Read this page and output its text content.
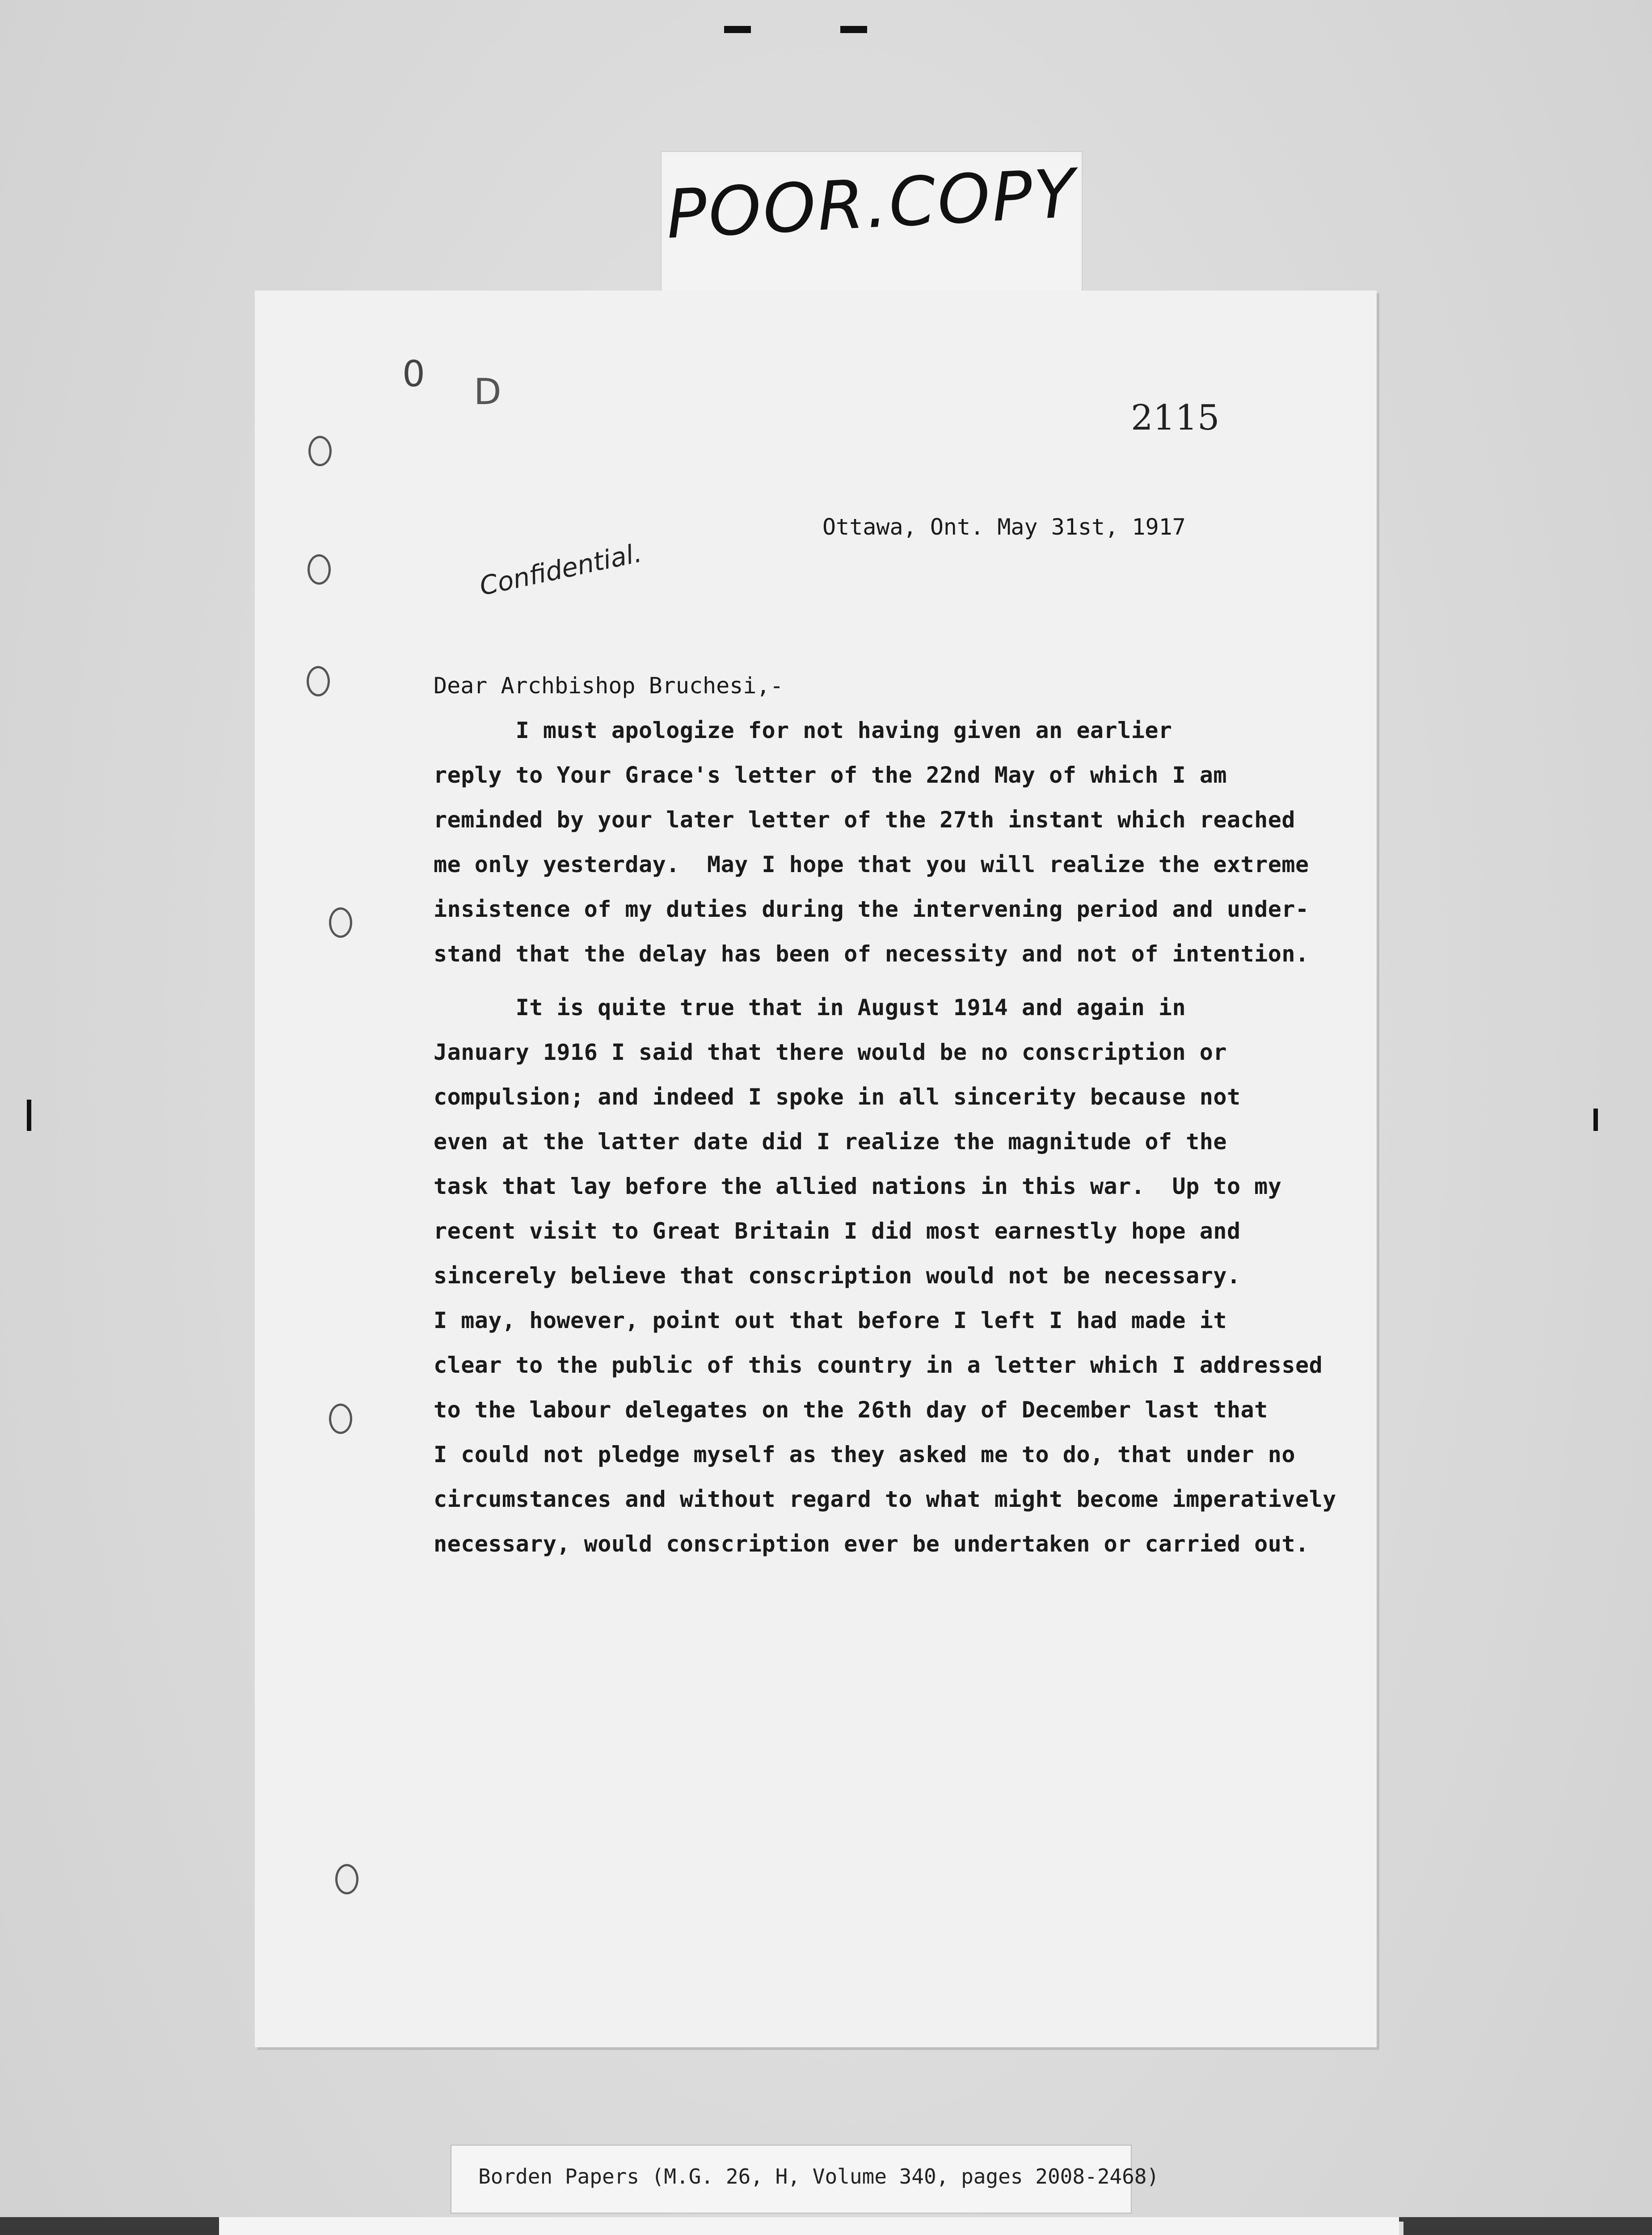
POOR.COPY
0 D
2115
Ottawa, Ont. May 31st, 1917
Confidential.
Dear Archbishop Bruchesi,-
I must apologize for not having given an earlier
reply to Your Grace's letter of the 22nd May of which I am
reminded by your later letter of the 27th instant which reached
me only yesterday.  May I hope that you will realize the extreme
insistence of my duties during the intervening period and under-
stand that the delay has been of necessity and not of intention.
It is quite true that in August 1914 and again in
January 1916 I said that there would be no conscription or
compulsion; and indeed I spoke in all sincerity because not
even at the latter date did I realize the magnitude of the
task that lay before the allied nations in this war.  Up to my
recent visit to Great Britain I did most earnestly hope and
sincerely believe that conscription would not be necessary.
I may, however, point out that before I left I had made it
clear to the public of this country in a letter which I addressed
to the labour delegates on the 26th day of December last that
I could not pledge myself as they asked me to do, that under no
circumstances and without regard to what might become imperatively
necessary, would conscription ever be undertaken or carried out.
Borden Papers (M.G. 26, H, Volume 340, pages 2008-2468)
